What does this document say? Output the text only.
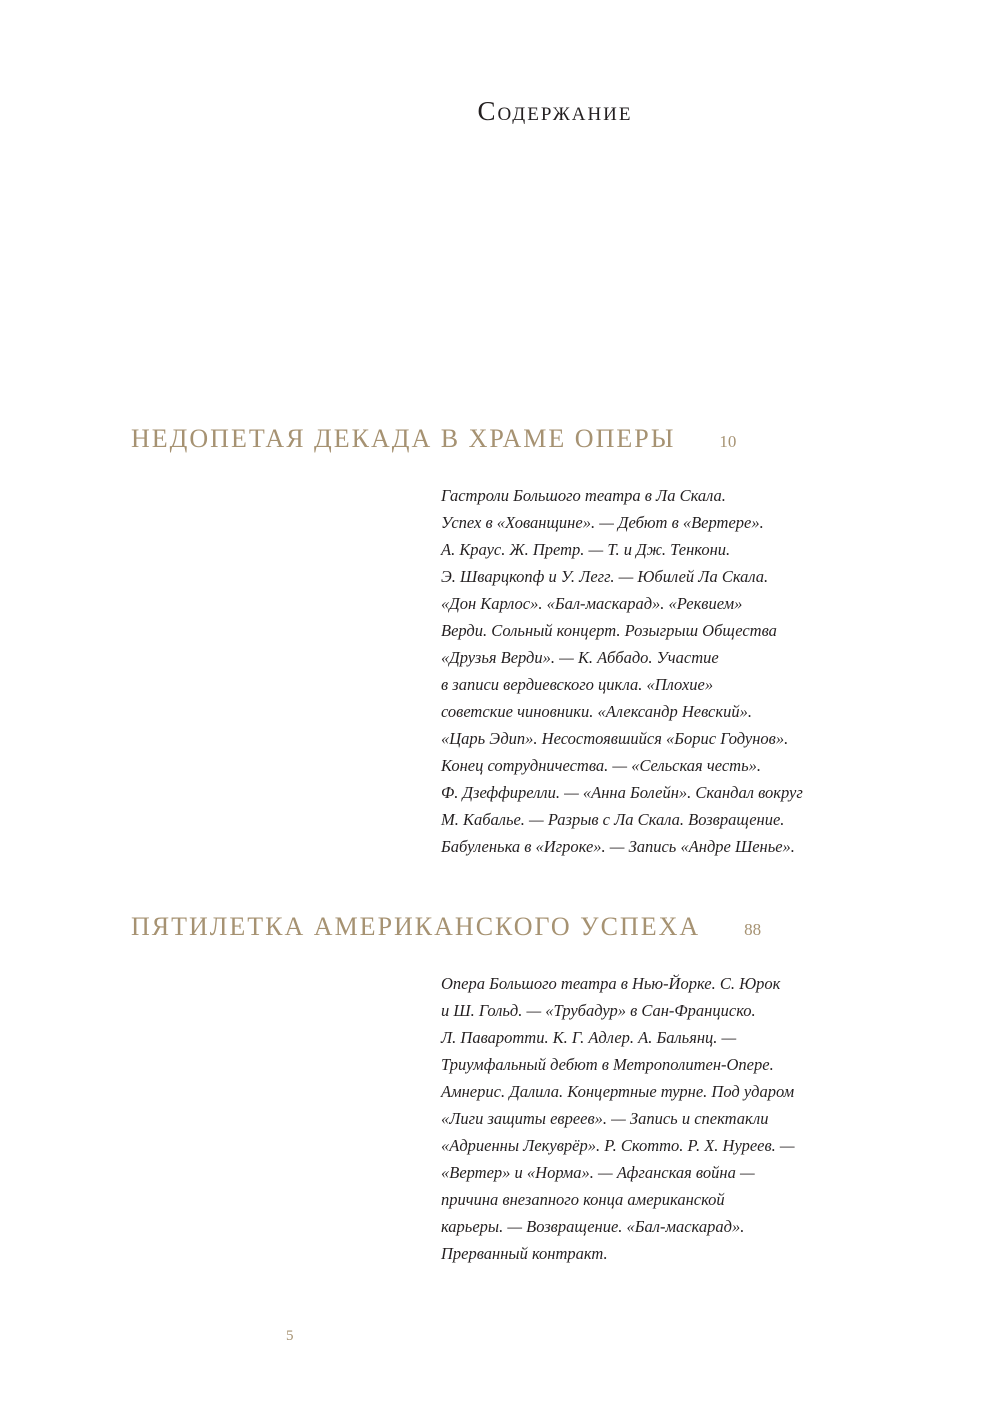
Содержание
НЕДОПЕТАЯ ДЕКАДА В ХРАМЕ ОПЕРЫ	10
Гастроли Большого театра в Ла Скала.
Успех в «Хованщине». — Дебют в «Вертере».
А. Краус. Ж. Претр. — Т. и Дж. Тенкони.
Э. Шварцкопф и У. Легг. — Юбилей Ла Скала.
«Дон Карлос». «Бал-маскарад». «Реквием»
Верди. Сольный концерт. Розыгрыш Общества
«Друзья Верди». — К. Аббадо. Участие
в записи вердиевского цикла. «Плохие»
советские чиновники. «Александр Невский».
«Царь Эдип». Несостоявшийся «Борис Годунов».
Конец сотрудничества. — «Сельская честь».
Ф. Дзеффирелли. — «Анна Болейн». Скандал вокруг
М. Кабалье. — Разрыв с Ла Скала. Возвращение.
Бабуленька в «Игроке». — Запись «Андре Шенье».
ПЯТИЛЕТКА АМЕРИКАНСКОГО УСПЕХА	88
Опера Большого театра в Нью-Йорке. С. Юрок
и Ш. Гольд. — «Трубадур» в Сан-Франциско.
Л. Паваротти. К. Г. Адлер. А. Бальянц. —
Триумфальный дебют в Метрополитен-Опере.
Амнерис. Далила. Концертные турне. Под ударом
«Лиги защиты евреев». — Запись и спектакли
«Адриенны Лекуврёр». Р. Скотто. Р. Х. Нуреев. —
«Вертер» и «Норма». — Афганская война —
причина внезапного конца американской
карьеры. — Возвращение. «Бал-маскарад».
Прерванный контракт.
5
